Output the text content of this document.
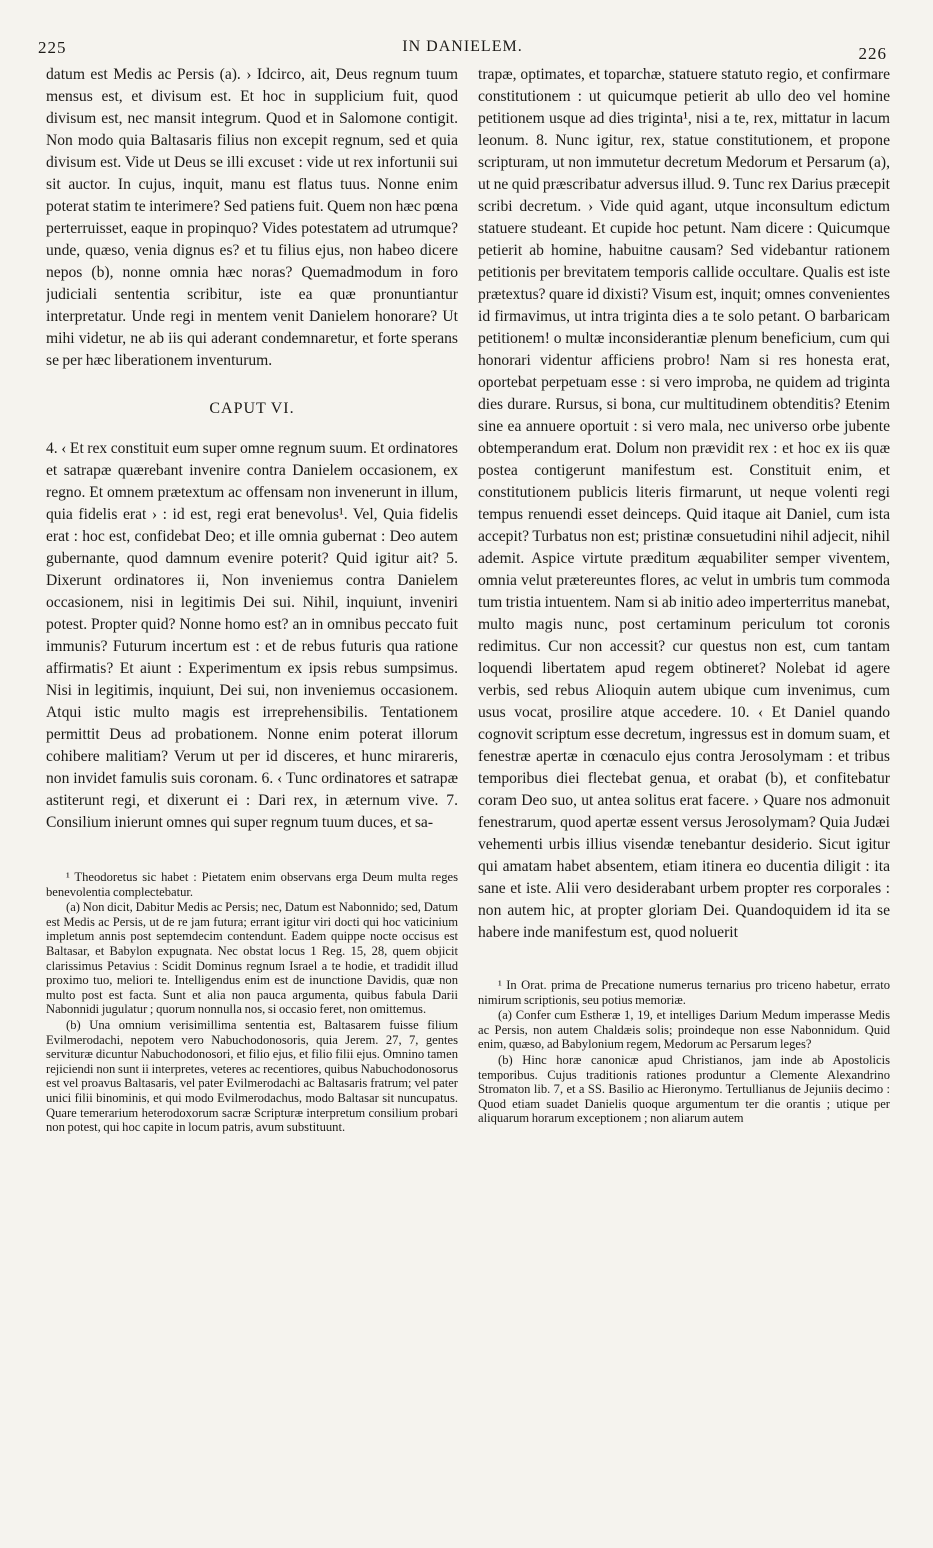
225	IN DANIELEM.	226

datum est Medis ac Persis (a). › Idcirco, ait, Deus regnum tuum mensus est, et divisum est. Et hoc in supplicium fuit, quod divisum est, nec mansit integrum. Quod et in Salomone contigit. Non modo quia Baltasaris filius non excepit regnum, sed et quia divisum est. Vide ut Deus se illi excuset : vide ut rex infortunii sui sit auctor. In cujus, inquit, manu est flatus tuus. Nonne enim poterat statim te interimere? Sed patiens fuit. Quem non hæc pœna perterruisset, eaque in propinquo? Vides potestatem ad utrumque? unde, quæso, venia dignus es? et tu filius ejus, non habeo dicere nepos (b), nonne omnia hæc noras? Quemadmodum in foro judiciali sententia scribitur, iste ea quæ pronuntiantur interpretatur. Unde regi in mentem venit Danielem honorare? Ut mihi videtur, ne ab iis qui aderant condemnaretur, et forte sperans se per hæc liberationem inventurum.

CAPUT VI.

4. ‹ Et rex constituit eum super omne regnum suum. Et ordinatores et satrapæ quærebant invenire contra Danielem occasionem, ex regno. Et omnem prætextum ac offensam non invenerunt in illum, quia fidelis erat › : id est, regi erat benevolus¹. Vel, Quia fidelis erat : hoc est, confidebat Deo; et ille omnia gubernat : Deo autem gubernante, quod damnum evenire poterit? Quid igitur ait? 5. Dixerunt ordinatores ii, Non inveniemus contra Danielem occasionem, nisi in legitimis Dei sui. Nihil, inquiunt, inveniri potest. Propter quid? Nonne homo est? an in omnibus peccato fuit immunis? Futurum incertum est : et de rebus futuris qua ratione affirmatis? Et aiunt : Experimentum ex ipsis rebus sumpsimus. Nisi in legitimis, inquiunt, Dei sui, non inveniemus occasionem. Atqui istic multo magis est irreprehensibilis. Tentationem permittit Deus ad probationem. Nonne enim poterat illorum cohibere malitiam? Verum ut per id disceres, et hunc mirareris, non invidet famulis suis coronam. 6. ‹ Tunc ordinatores et satrapæ astiterunt regi, et dixerunt ei : Dari rex, in æternum vive. 7. Consilium inierunt omnes qui super regnum tuum duces, et sa-

¹ Theodoretus sic habet : Pietatem enim observans erga Deum multa reges benevolentia complectebatur.

(a) Non dicit, Dabitur Medis ac Persis; nec, Datum est Nabonnido; sed, Datum est Medis ac Persis, ut de re jam futura; errant igitur viri docti qui hoc vaticinium impletum annis post septemdecim contendunt. Eadem quippe nocte occisus est Baltasar, et Babylon expugnata. Nec obstat locus 1 Reg. 15, 28, quem objicit clarissimus Petavius : Scidit Dominus regnum Israel a te hodie, et tradidit illud proximo tuo, meliori te. Intelligendus enim est de inunctione Davidis, quæ non multo post est facta. Sunt et alia non pauca argumenta, quibus fabula Darii Nabonnidi jugulatur ; quorum nonnulla nos, si occasio feret, non omittemus.

(b) Una omnium verisimillima sententia est, Baltasarem fuisse filium Evilmerodachi, nepotem vero Nabuchodonosoris, quia Jerem. 27, 7, gentes servituræ dicuntur Nabuchodonosori, et filio ejus, et filio filii ejus. Omnino tamen rejiciendi non sunt ii interpretes, veteres ac recentiores, quibus Nabuchodonosorus est vel proavus Baltasaris, vel pater Evilmerodachi ac Baltasaris fratrum; vel pater unici filii binominis, et qui modo Evilmerodachus, modo Baltasar sit nuncupatus. Quare temerarium heterodoxorum sacræ Scripturæ interpretum consilium probari non potest, qui hoc capite in locum patris, avum substituunt.

trapæ, optimates, et toparchæ, statuere statuto regio, et confirmare constitutionem : ut quicumque petierit ab ullo deo vel homine petitionem usque ad dies triginta¹, nisi a te, rex, mittatur in lacum leonum. 8. Nunc igitur, rex, statue constitutionem, et propone scripturam, ut non immutetur decretum Medorum et Persarum (a), ut ne quid præscribatur adversus illud. 9. Tunc rex Darius præcepit scribi decretum. › Vide quid agant, utque inconsultum edictum statuere studeant. Et cupide hoc petunt. Nam dicere : Quicumque petierit ab homine, habuitne causam? Sed videbantur rationem petitionis per brevitatem temporis callide occultare. Qualis est iste prætextus? quare id dixisti? Visum est, inquit; omnes convenientes id firmavimus, ut intra triginta dies a te solo petant. O barbaricam petitionem! o multæ inconsiderantiæ plenum beneficium, cum qui honorari videntur afficiens probro! Nam si res honesta erat, oportebat perpetuam esse : si vero improba, ne quidem ad triginta dies durare. Rursus, si bona, cur multitudinem obtenditis? Etenim sine ea annuere oportuit : si vero mala, nec universo orbe jubente obtemperandum erat. Dolum non prævidit rex : et hoc ex iis quæ postea contigerunt manifestum est. Constituit enim, et constitutionem publicis literis firmarunt, ut neque volenti regi tempus renuendi esset deinceps. Quid itaque ait Daniel, cum ista accepit? Turbatus non est; pristinæ consuetudini nihil adjecit, nihil ademit. Aspice virtute præditum æquabiliter semper viventem, omnia velut prætereuntes flores, ac velut in umbris tum commoda tum tristia intuentem. Nam si ab initio adeo imperterritus manebat, multo magis nunc, post certaminum periculum tot coronis redimitus. Cur non accessit? cur questus non est, cum tantam loquendi libertatem apud regem obtineret? Nolebat id agere verbis, sed rebus Alioquin autem ubique cum invenimus, cum usus vocat, prosilire atque accedere. 10. ‹ Et Daniel quando cognovit scriptum esse decretum, ingressus est in domum suam, et fenestræ apertæ in cœnaculo ejus contra Jerosolymam : et tribus temporibus diei flectebat genua, et orabat (b), et confitebatur coram Deo suo, ut antea solitus erat facere. › Quare nos admonuit fenestrarum, quod apertæ essent versus Jerosolymam? Quia Judæi vehementi urbis illius visendæ tenebantur desiderio. Sicut igitur qui amatam habet absentem, etiam itinera eo ducentia diligit : ita sane et iste. Alii vero desiderabant urbem propter res corporales : non autem hic, at propter gloriam Dei. Quandoquidem id ita se habere inde manifestum est, quod noluerit

¹ In Orat. prima de Precatione numerus ternarius pro triceno habetur, errato nimirum scriptionis, seu potius memoriæ.

(a) Confer cum Estheræ 1, 19, et intelliges Darium Medum imperasse Medis ac Persis, non autem Chaldæis solis; proindeque non esse Nabonnidum. Quid enim, quæso, ad Babylonium regem, Medorum ac Persarum leges?

(b) Hinc horæ canonicæ apud Christianos, jam inde ab Apostolicis temporibus. Cujus traditionis rationes produntur a Clemente Alexandrino Stromaton lib. 7, et a SS. Basilio ac Hieronymo. Tertullianus de Jejuniis decimo : Quod etiam suadet Danielis quoque argumentum ter die orantis ; utique per aliquarum horarum exceptionem ; non aliarum autem
